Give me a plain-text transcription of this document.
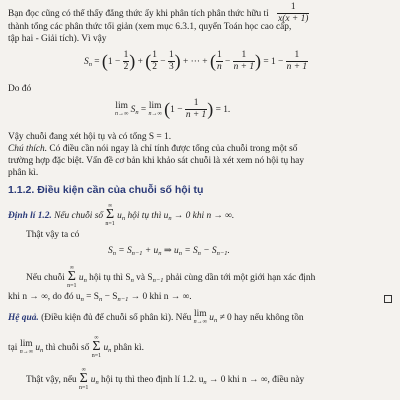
Bạn đọc cũng có thể thấy đẳng thức ấy khi phân tích phân thức hữu tỉ $\frac{1}{x(x + 1)}$
thành tổng các phân thức tối giản (xem mục 6.3.1, quyển Toán học cao cấp,
tập hai - Giải tích). Vì vậy
$S_n = (1 - \frac{1}{2}$ ) + ( $\frac{1}{2} - \frac{1}{3}$ ) + ··· + ( $\frac{1}{n} - \frac{1}{n + 1}$ ) = $1 - \frac{1}{n + 1}$
Do đó
lim
n→∞ $S_n = \lim$
n→∞ ($1 - \frac{1}{n + 1}$ ) = 1.
Vậy chuỗi đang xét hội tụ và có tổng S = 1.
Chú thích. Có điều cần nói ngay là chỉ tính được tổng của chuỗi trong một số
trường hợp đặc biệt. Vấn đề cơ bản khi khảo sát chuỗi là xét xem nó hội tụ hay
phân kì.
1.1.2. Điều kiện cần của chuỗi số hội tụ
Định lí 1.2. Nếu chuỗi số
∞
Σ
n=1
$u_n$ hội tụ thì $u_n \to 0$ khi n → ∞.
Thật vậy ta có
$S_n = S_{n-1} + u_n$ ⇒ $u_n = S_n - S_{n-1}$.
Nếu chuỗi
∞
Σ
n=1
$u_n$ hội tụ thì $S_n$ và $S_{n-1}$ phải cùng dần tới một giới hạn xác định
khi n → ∞, do đó $u_n = S_n - S_{n-1} \to 0$ khi n → ∞.
Hệ quả. (Điều kiện đủ để chuỗi số phân kì). Nếu lim
n→∞ $u_n \ne 0$ hay nếu không tồn
tại lim
n→∞ $u_n$ thì chuỗi số
∞
Σ
n=1
$u_n$ phân kì.
Thật vậy, nếu
∞
Σ
n=1
$u_n$ hội tụ thì theo định lí 1.2. $u_n \to 0$ khi n → ∞, điều này
